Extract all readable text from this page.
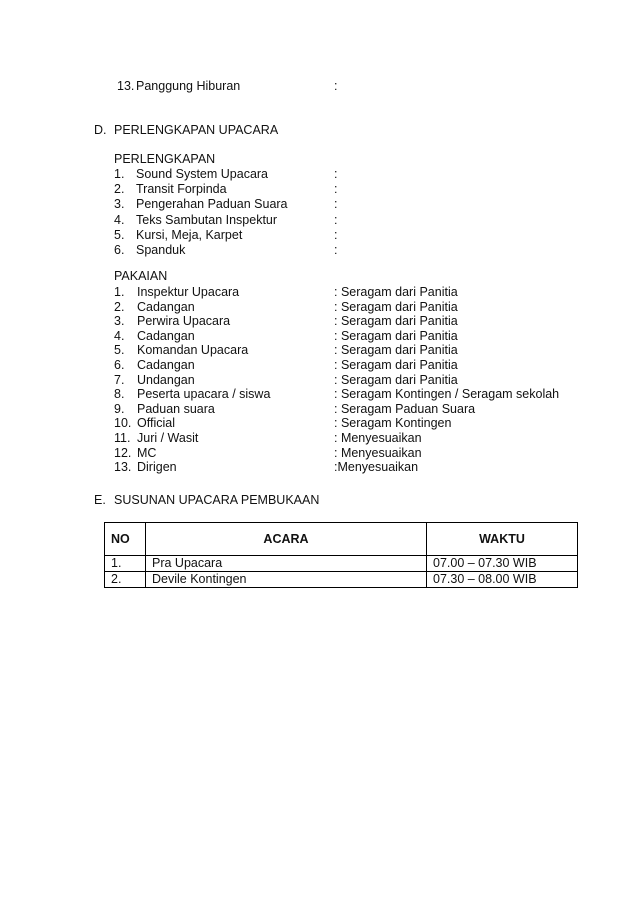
13. Panggung Hiburan	:
D. PERLENGKAPAN UPACARA
PERLENGKAPAN
1. Sound System Upacara	:
2. Transit Forpinda	:
3. Pengerahan Paduan Suara	:
4. Teks Sambutan Inspektur	:
5. Kursi, Meja, Karpet	:
6. Spanduk	:
PAKAIAN
1. Inspektur Upacara	: Seragam dari Panitia
2. Cadangan	: Seragam dari Panitia
3. Perwira Upacara	: Seragam dari Panitia
4. Cadangan	: Seragam dari Panitia
5. Komandan Upacara	: Seragam dari Panitia
6. Cadangan	: Seragam dari Panitia
7. Undangan	: Seragam dari Panitia
8. Peserta upacara / siswa	: Seragam Kontingen / Seragam sekolah
9. Paduan suara	: Seragam Paduan Suara
10. Official	: Seragam Kontingen
11. Juri / Wasit	: Menyesuaikan
12. MC	: Menyesuaikan
13. Dirigen	:Menyesuaikan
E. SUSUNAN UPACARA PEMBUKAAN
NO	ACARA	WAKTU
1.	Pra Upacara	07.00 – 07.30 WIB
2.	Devile Kontingen	07.30 – 08.00 WIB
